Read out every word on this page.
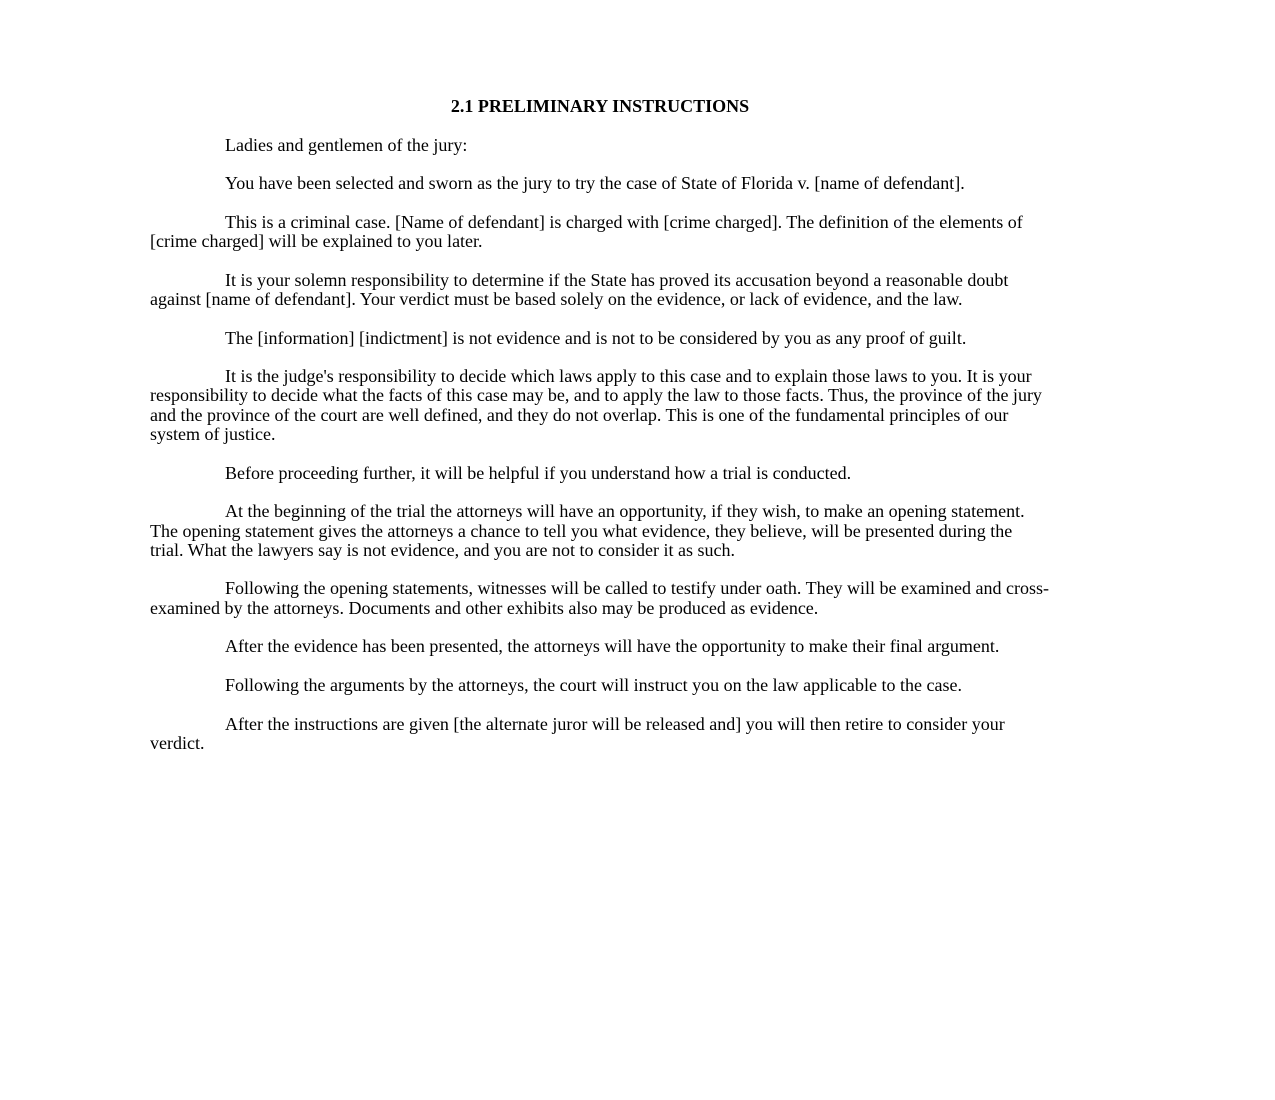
2.1 PRELIMINARY INSTRUCTIONS

Ladies and gentlemen of the jury:

You have been selected and sworn as the jury to try the case of State of Florida v. [name of defendant].

This is a criminal case. [Name of defendant] is charged with [crime charged]. The definition of the elements of [crime charged] will be explained to you later.

It is your solemn responsibility to determine if the State has proved its accusation beyond a reasonable doubt against [name of defendant]. Your verdict must be based solely on the evidence, or lack of evidence, and the law.

The [information] [indictment] is not evidence and is not to be considered by you as any proof of guilt.

It is the judge's responsibility to decide which laws apply to this case and to explain those laws to you. It is your responsibility to decide what the facts of this case may be, and to apply the law to those facts. Thus, the province of the jury and the province of the court are well defined, and they do not overlap. This is one of the fundamental principles of our system of justice.

Before proceeding further, it will be helpful if you understand how a trial is conducted.

At the beginning of the trial the attorneys will have an opportunity, if they wish, to make an opening statement. The opening statement gives the attorneys a chance to tell you what evidence, they believe, will be presented during the trial. What the lawyers say is not evidence, and you are not to consider it as such.

Following the opening statements, witnesses will be called to testify under oath. They will be examined and cross-examined by the attorneys. Documents and other exhibits also may be produced as evidence.

After the evidence has been presented, the attorneys will have the opportunity to make their final argument.

Following the arguments by the attorneys, the court will instruct you on the law applicable to the case.

After the instructions are given [the alternate juror will be released and] you will then retire to consider your verdict.
